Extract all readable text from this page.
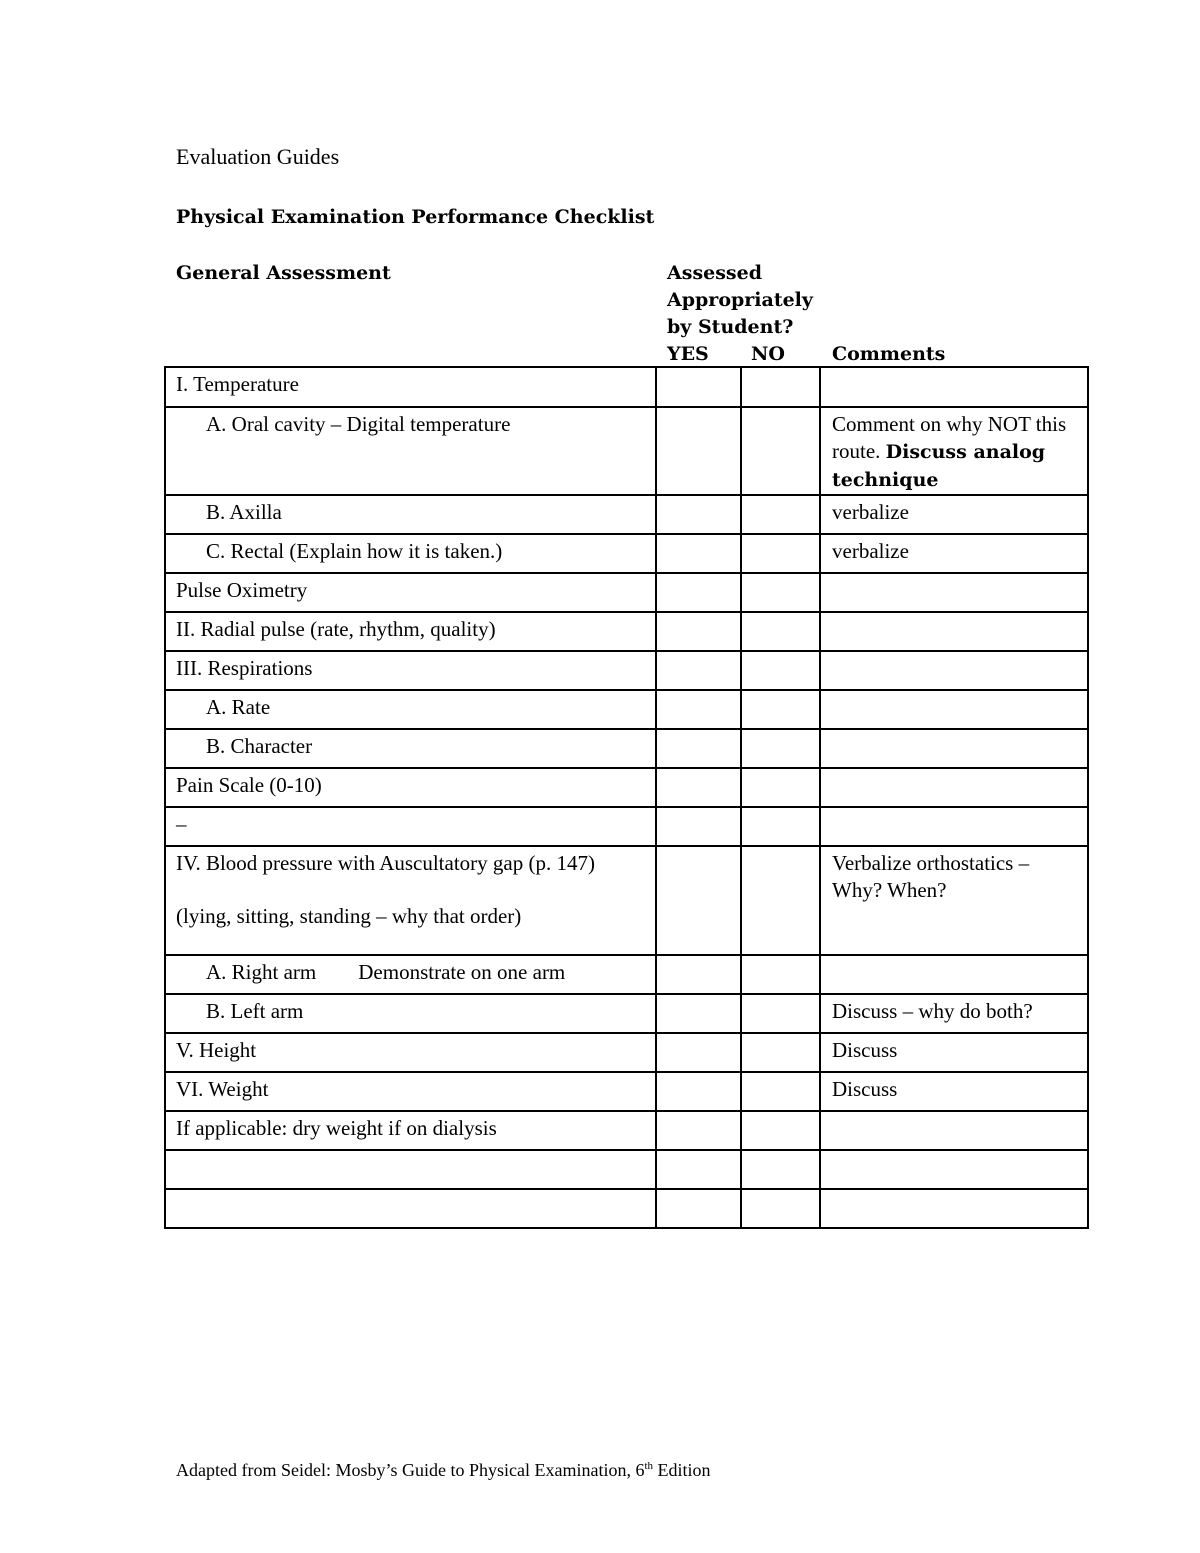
Evaluation Guides
Physical Examination Performance Checklist
General Assessment	Assessed Appropriately by Student?
YES NO Comments
I. Temperature			
A. Oral cavity – Digital temperature			Comment on why NOT this route. Discuss analog technique
B. Axilla			verbalize
C. Rectal (Explain how it is taken.)			verbalize
Pulse Oximetry			
II. Radial pulse (rate, rhythm, quality)			
III. Respirations			
A. Rate			
B. Character			
Pain Scale (0-10)			
–			
IV. Blood pressure with Auscultatory gap (p. 147)
(lying, sitting, standing – why that order)			Verbalize orthostatics – Why? When?
A. Right arm Demonstrate on one arm			
B. Left arm			Discuss – why do both?
V. Height			Discuss
VI. Weight			Discuss
If applicable: dry weight if on dialysis			

Adapted from Seidel: Mosby’s Guide to Physical Examination, 6th Edition
